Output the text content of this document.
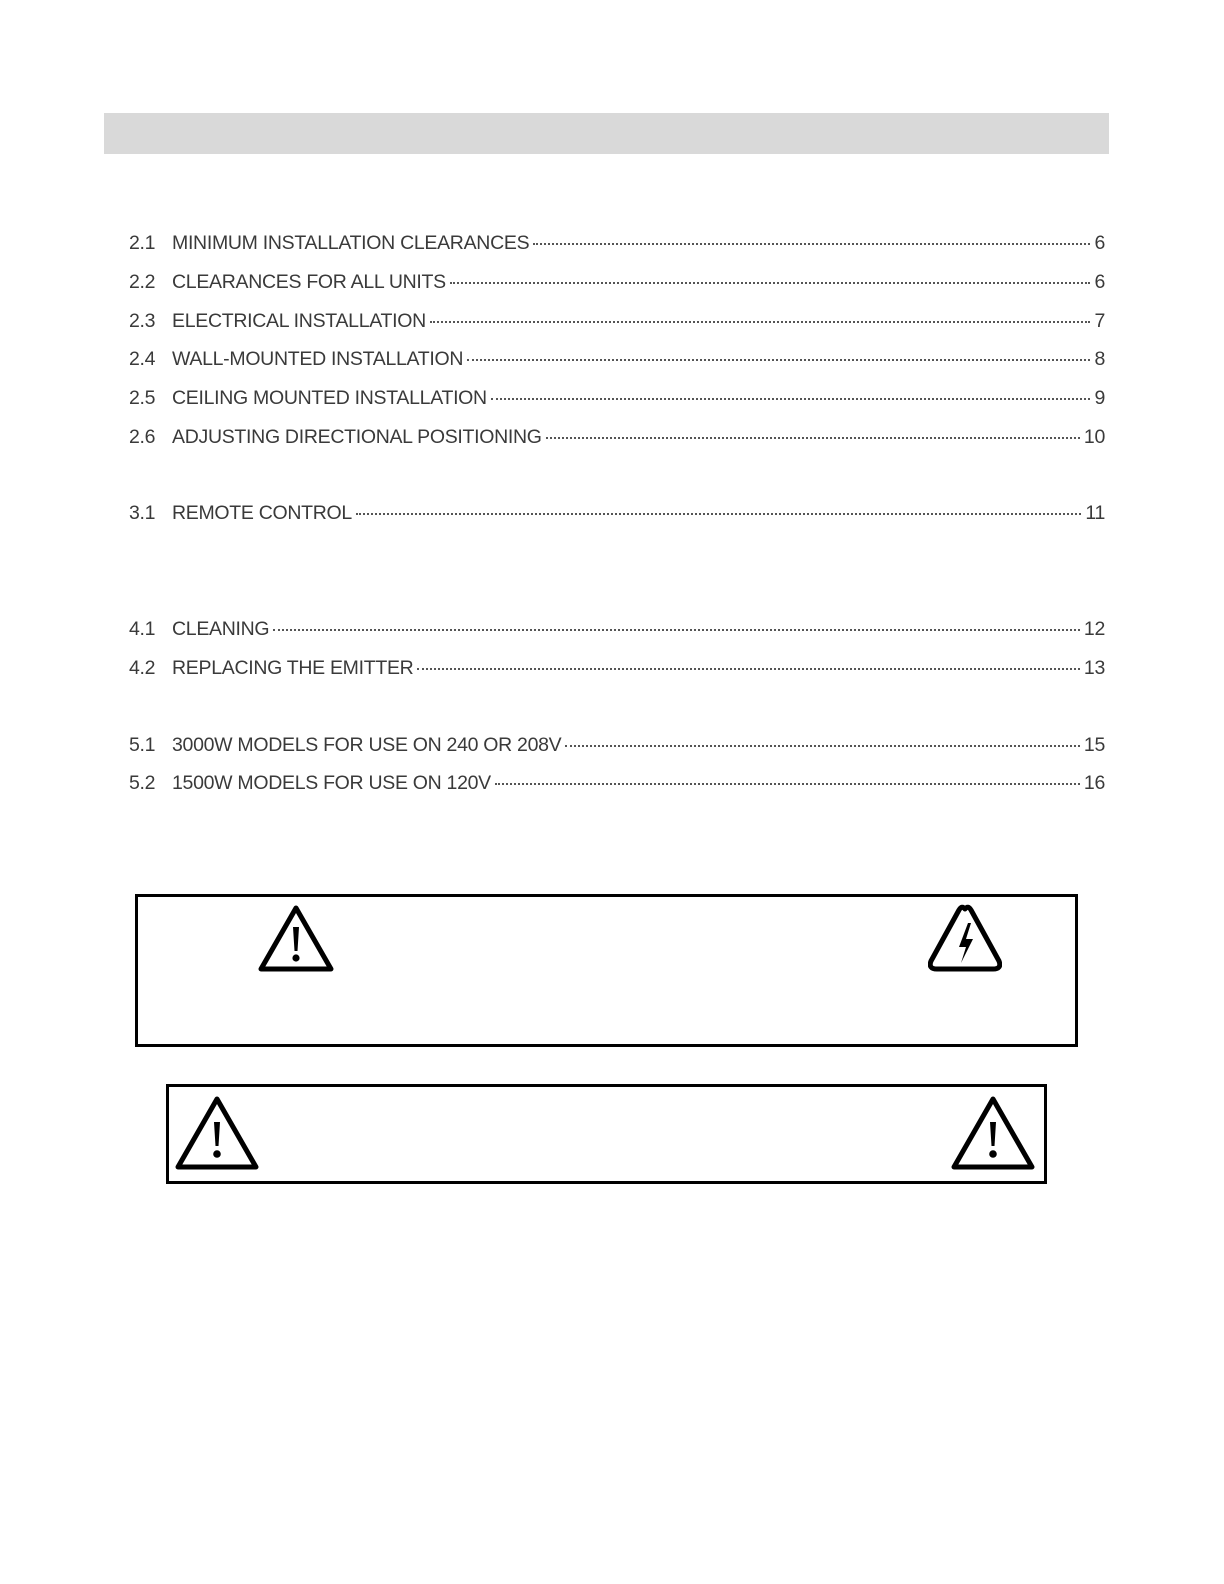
2.1 MINIMUM INSTALLATION CLEARANCES	6
2.2 CLEARANCES FOR ALL UNITS	6
2.3 ELECTRICAL INSTALLATION	7
2.4 WALL-MOUNTED INSTALLATION	8
2.5 CEILING MOUNTED INSTALLATION	9
2.6 ADJUSTING DIRECTIONAL POSITIONING	10
3.1 REMOTE CONTROL	11
4.1 CLEANING	12
4.2 REPLACING THE EMITTER	13
5.1 3000W MODELS FOR USE ON 240 OR 208V	15
5.2 1500W MODELS FOR USE ON 120V	16
